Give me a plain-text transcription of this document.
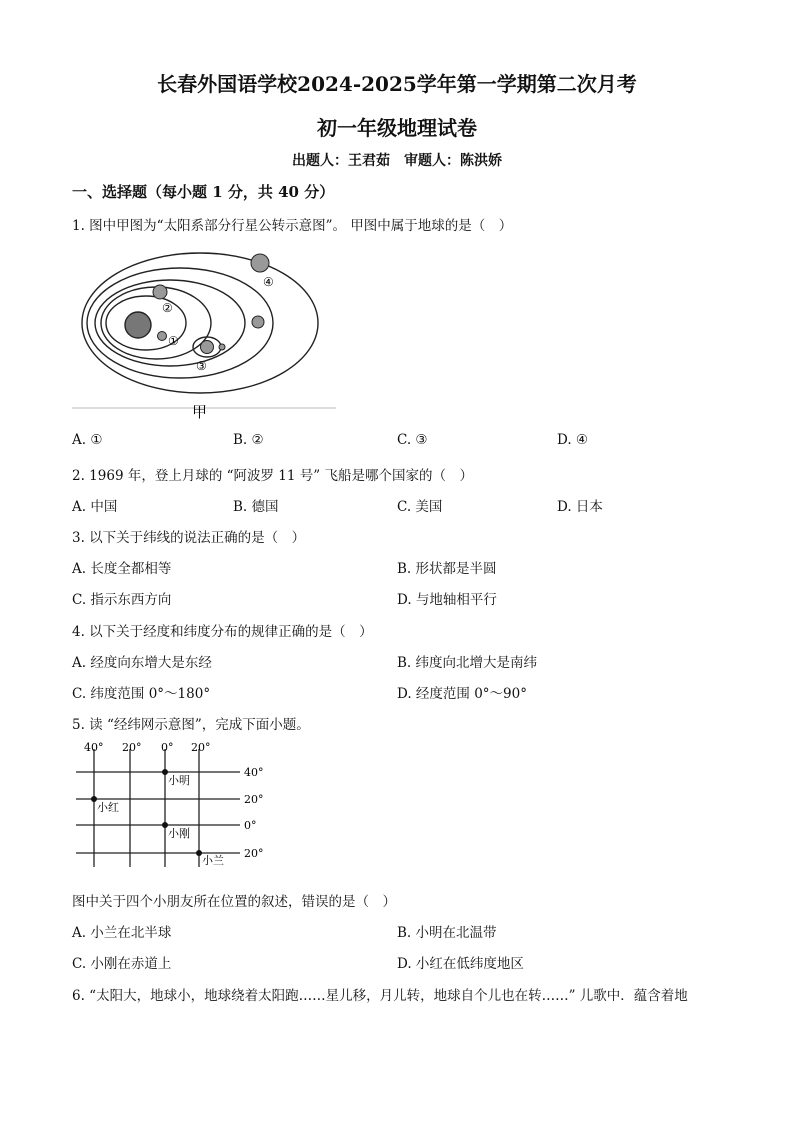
长春外国语学校2024-2025学年第一学期第二次月考
初一年级地理试卷
出题人：王君茹　审题人：陈洪娇
一、选择题（每小题 1 分，共 40 分）
1. 图中甲图为“太阳系部分行星公转示意图”。 甲图中属于地球的是（　）
①
②
③
④
甲
A. ①	B. ②	C. ③	D. ④
2. 1969 年，登上月球的 “阿波罗 11 号” 飞船是哪个国家的（　）
A. 中国	B. 德国	C. 美国	D. 日本
3. 以下关于纬线的说法正确的是（　）
A. 长度全都相等	B. 形状都是半圆
C. 指示东西方向	D. 与地轴相平行
4. 以下关于经度和纬度分布的规律正确的是（　）
A. 经度向东增大是东经	B. 纬度向北增大是南纬
C. 纬度范围 0°～180°	D. 经度范围 0°～90°
5. 读 “经纬网示意图”，完成下面小题。
40° 20° 0° 20°
40°
20°
0°
20°
小明
小红
小刚
小兰
图中关于四个小朋友所在位置的叙述，错误的是（　）
A. 小兰在北半球	B. 小明在北温带
C. 小刚在赤道上	D. 小红在低纬度地区
6. “太阳大，地球小，地球绕着太阳跑……星儿移，月儿转，地球自个儿也在转……” 儿歌中．蕴含着地
